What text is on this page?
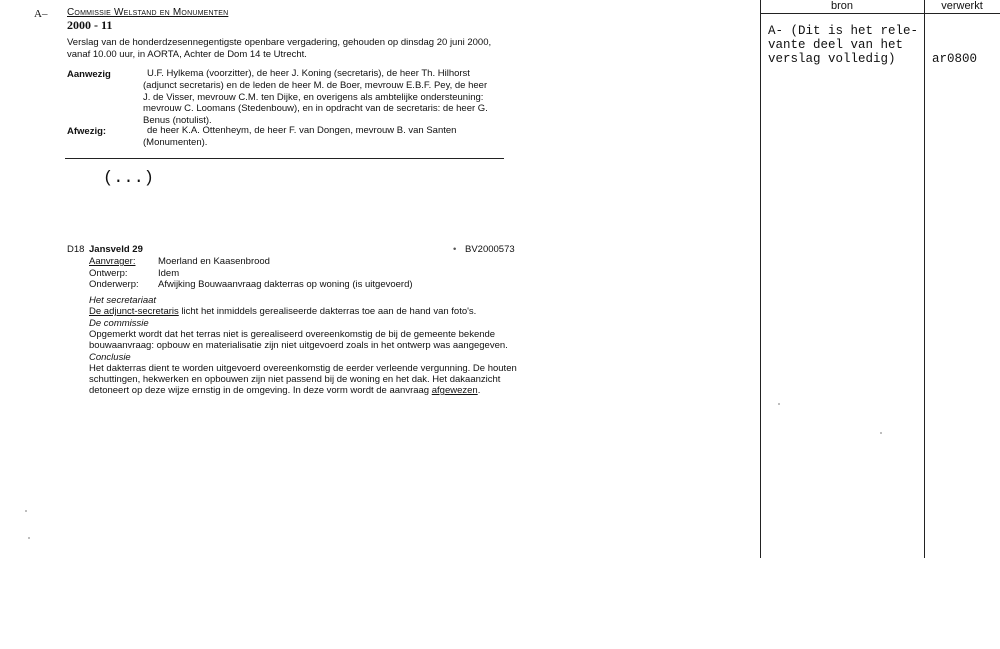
A– Commissie Welstand en Monumenten
2000 - 11
Verslag van de honderdzesennegentigste openbare vergadering, gehouden op dinsdag 20 juni 2000,
vanaf 10.00 uur, in AORTA, Achter de Dom 14 te Utrecht.
Aanwezig	U.F. Hylkema (voorzitter), de heer J. Koning (secretaris), de heer Th. Hilhorst
(adjunct secretaris) en de leden de heer M. de Boer, mevrouw E.B.F. Pey, de heer
J. de Visser, mevrouw C.M. ten Dijke, en overigens als ambtelijke ondersteuning:
mevrouw C. Loomans (Stedenbouw), en in opdracht van de secretaris: de heer G.
Benus (notulist).
Afwezig:	de heer K.A. Ottenheym, de heer F. van Dongen, mevrouw B. van Santen
(Monumenten).
(...)
D18 Jansveld 29	• BV2000573
Aanvrager: Moerland en Kaasenbrood
Ontwerp:	Idem
Onderwerp: Afwijking Bouwaanvraag dakterras op woning (is uitgevoerd)
Het secretariaat
De adjunct-secretaris licht het inmiddels gerealiseerde dakterras toe aan de hand van foto's.
De commissie
Opgemerkt wordt dat het terras niet is gerealiseerd overeenkomstig de bij de gemeente bekende
bouwaanvraag: opbouw en materialisatie zijn niet uitgevoerd zoals in het ontwerp was aangegeven.
Conclusie
Het dakterras dient te worden uitgevoerd overeenkomstig de eerder verleende vergunning. De houten
schuttingen, hekwerken en opbouwen zijn niet passend bij de woning en het dak. Het dakaanzicht
detoneert op deze wijze ernstig in de omgeving. In deze vorm wordt de aanvraag afgewezen.
bron	verwerkt
A- (Dit is het rele-
vante deel van het
verslag volledig)	ar0800
